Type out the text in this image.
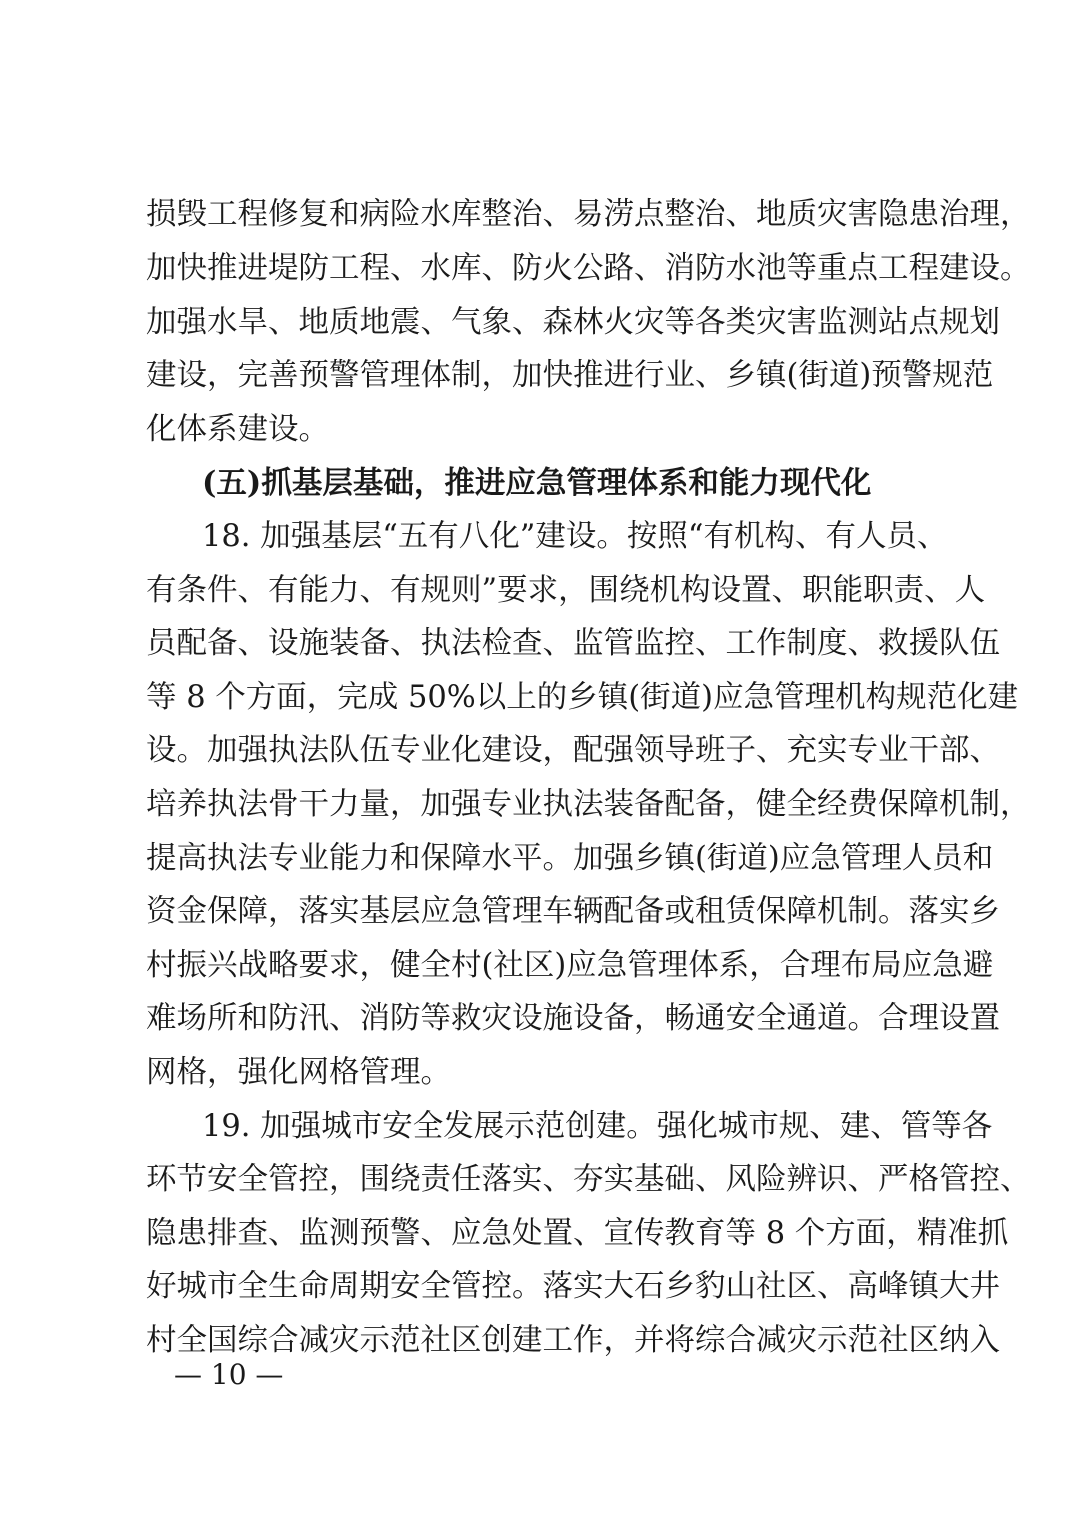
损毁工程修复和病险水库整治、易涝点整治、地质灾害隐患治理，
加快推进堤防工程、水库、防火公路、消防水池等重点工程建设。
加强水旱、地质地震、气象、森林火灾等各类灾害监测站点规划
建设，完善预警管理体制，加快推进行业、乡镇(街道)预警规范
化体系建设。
(五)抓基层基础，推进应急管理体系和能力现代化
18. 加强基层“五有八化”建设。按照“有机构、有人员、
有条件、有能力、有规则”要求，围绕机构设置、职能职责、人
员配备、设施装备、执法检查、监管监控、工作制度、救援队伍
等 8 个方面，完成 50%以上的乡镇(街道)应急管理机构规范化建
设。加强执法队伍专业化建设，配强领导班子、充实专业干部、
培养执法骨干力量，加强专业执法装备配备，健全经费保障机制，
提高执法专业能力和保障水平。加强乡镇(街道)应急管理人员和
资金保障，落实基层应急管理车辆配备或租赁保障机制。落实乡
村振兴战略要求，健全村(社区)应急管理体系，合理布局应急避
难场所和防汛、消防等救灾设施设备，畅通安全通道。合理设置
网格，强化网格管理。
19. 加强城市安全发展示范创建。强化城市规、建、管等各
环节安全管控，围绕责任落实、夯实基础、风险辨识、严格管控、
隐患排查、监测预警、应急处置、宣传教育等 8 个方面，精准抓
好城市全生命周期安全管控。落实大石乡豹山社区、高峰镇大井
村全国综合减灾示范社区创建工作，并将综合减灾示范社区纳入
— 10 —
